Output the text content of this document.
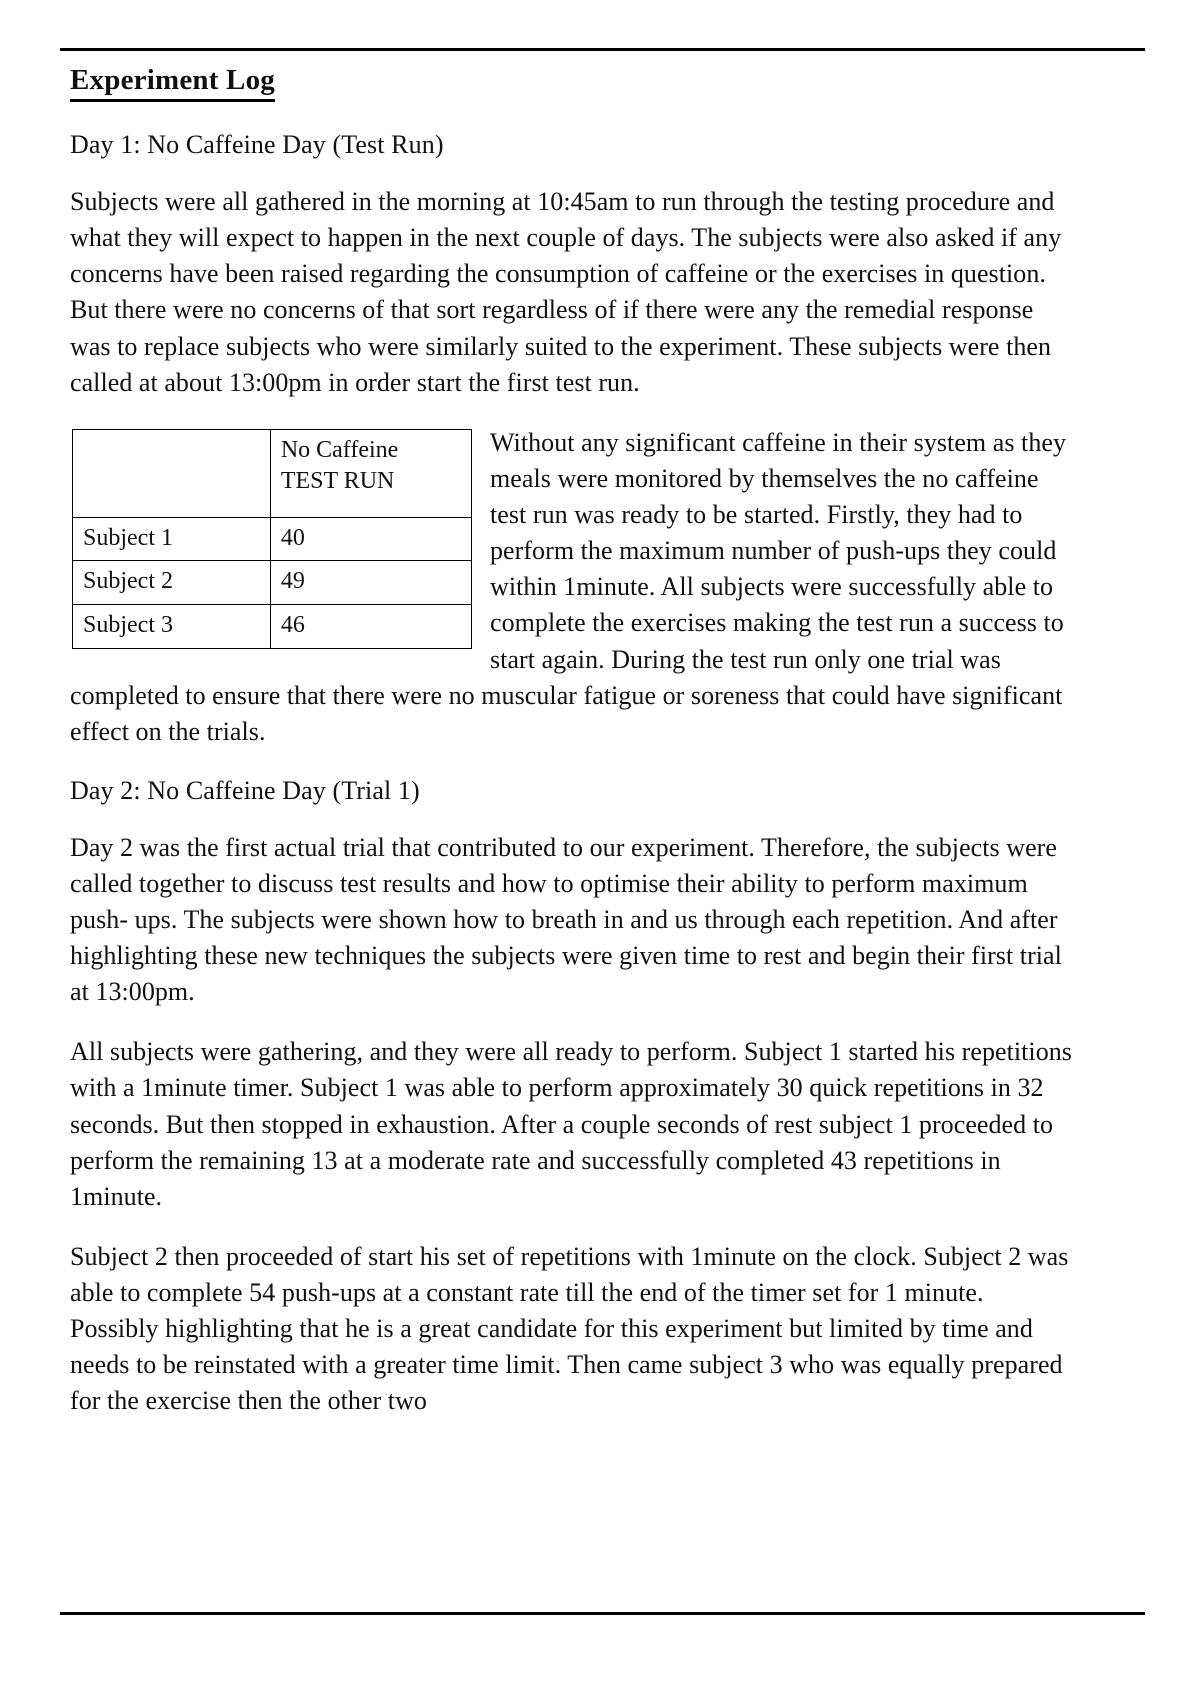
Experiment Log
Day 1: No Caffeine Day (Test Run)

Subjects were all gathered in the morning at 10:45am to run through the testing procedure and what they will expect to happen in the next couple of days. The subjects were also asked if any concerns have been raised regarding the consumption of caffeine or the exercises in question. But there were no concerns of that sort regardless of if there were any the remedial response was to replace subjects who were similarly suited to the experiment. These subjects were then called at about 13:00pm in order start the first test run.

	No Caffeine
TEST RUN

Subject 1	40
Subject 2	49
Subject 3	46
Without any significant caffeine in their system as they meals were monitored by themselves the no caffeine test run was ready to be started. Firstly, they had to perform the maximum number of push-ups they could within 1minute. All subjects were successfully able to complete the exercises making the test run a success to start again. During the test run only one trial was completed to ensure that there were no muscular fatigue or soreness that could have significant effect on the trials.
Day 2: No Caffeine Day (Trial 1)

Day 2 was the first actual trial that contributed to our experiment. Therefore, the subjects were called together to discuss test results and how to optimise their ability to perform maximum push- ups. The subjects were shown how to breath in and us through each repetition. And after highlighting these new techniques the subjects were given time to rest and begin their first trial at 13:00pm.

All subjects were gathering, and they were all ready to perform. Subject 1 started his repetitions with a 1minute timer. Subject 1 was able to perform approximately 30 quick repetitions in 32 seconds. But then stopped in exhaustion. After a couple seconds of rest subject 1 proceeded to perform the remaining 13 at a moderate rate and successfully completed 43 repetitions in 1minute.

Subject 2 then proceeded of start his set of repetitions with 1minute on the clock. Subject 2 was able to complete 54 push-ups at a constant rate till the end of the timer set for 1 minute. Possibly highlighting that he is a great candidate for this experiment but limited by time and needs to be reinstated with a greater time limit. Then came subject 3 who was equally prepared for the exercise then the other two
